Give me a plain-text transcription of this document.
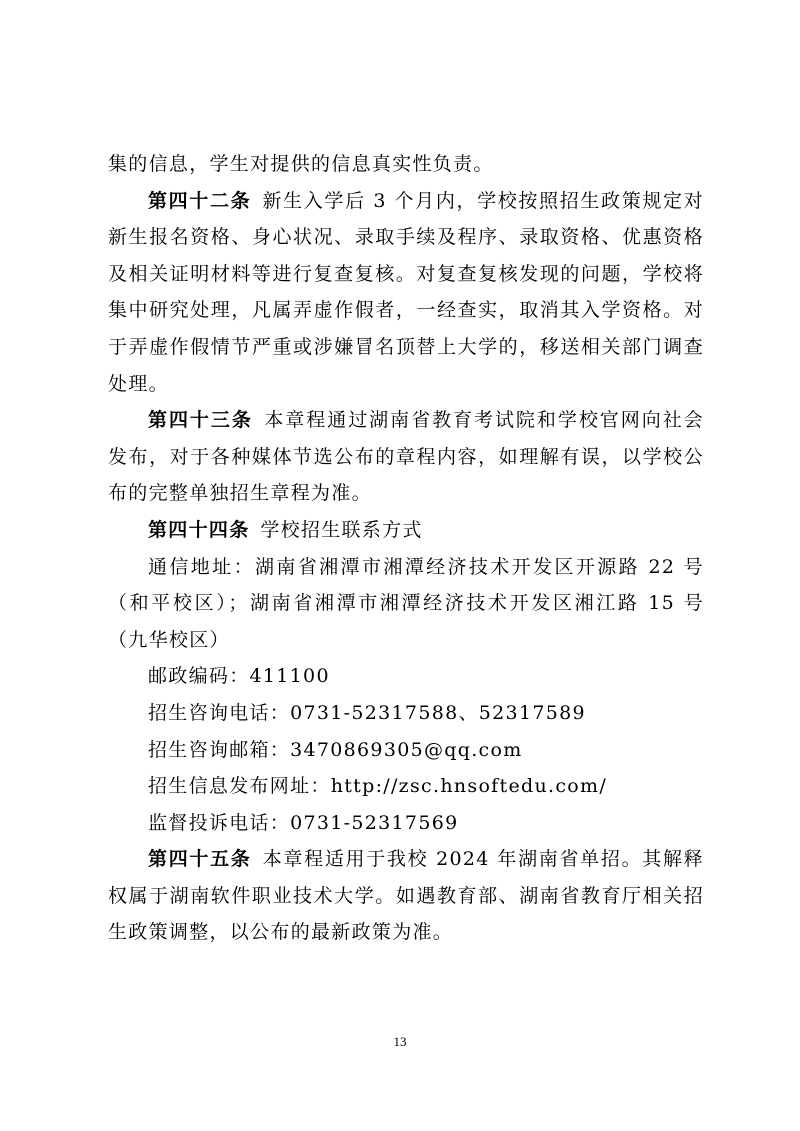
集的信息，学生对提供的信息真实性负责。

第四十二条  新生入学后 3 个月内，学校按照招生政策规定对新生报名资格、身心状况、录取手续及程序、录取资格、优惠资格及相关证明材料等进行复查复核。对复查复核发现的问题，学校将集中研究处理，凡属弄虚作假者，一经查实，取消其入学资格。对于弄虚作假情节严重或涉嫌冒名顶替上大学的，移送相关部门调查处理。

第四十三条  本章程通过湖南省教育考试院和学校官网向社会发布，对于各种媒体节选公布的章程内容，如理解有误，以学校公布的完整单独招生章程为准。

第四十四条  学校招生联系方式

通信地址：湖南省湘潭市湘潭经济技术开发区开源路 22 号（和平校区）；湖南省湘潭市湘潭经济技术开发区湘江路 15 号（九华校区）

邮政编码：411100

招生咨询电话：0731-52317588、52317589

招生咨询邮箱：3470869305@qq.com

招生信息发布网址：http://zsc.hnsoftedu.com/

监督投诉电话：0731-52317569

第四十五条  本章程适用于我校 2024 年湖南省单招。其解释权属于湖南软件职业技术大学。如遇教育部、湖南省教育厅相关招生政策调整，以公布的最新政策为准。

13
